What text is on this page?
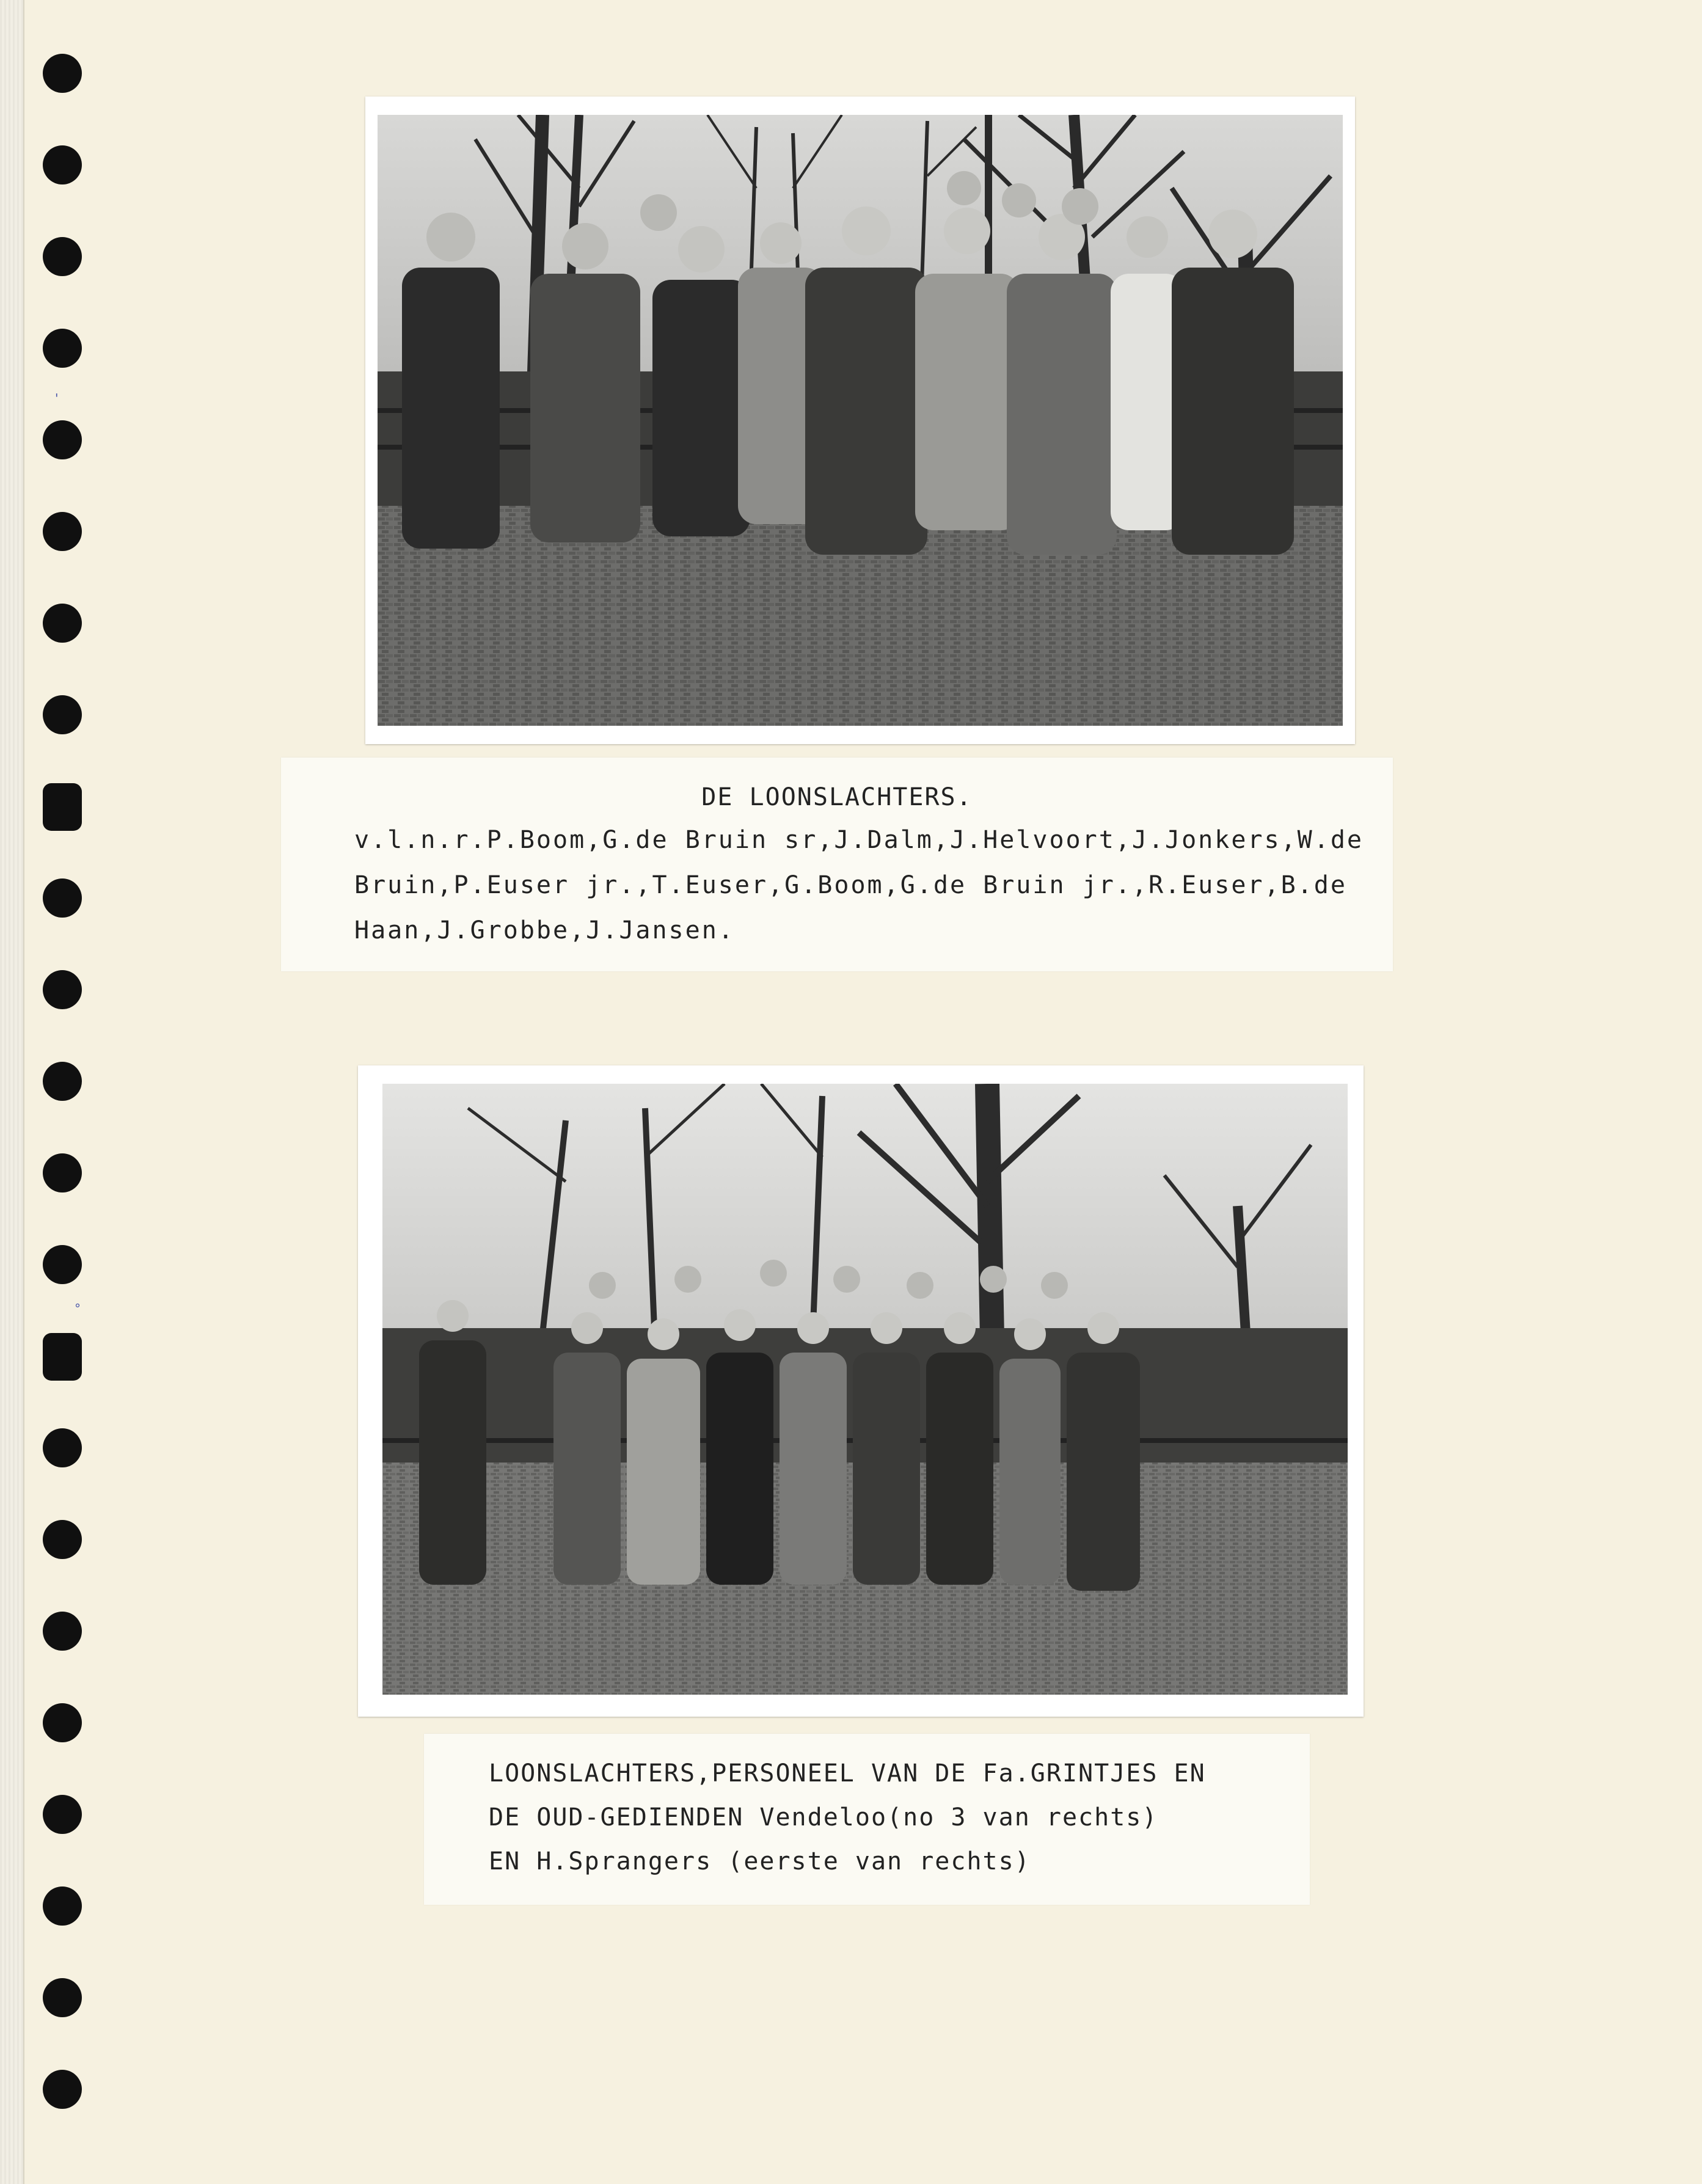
'
°
DE LOONSLACHTERS.
v.l.n.r.P.Boom,G.de Bruin sr,J.Dalm,J.Helvoort,J.Jonkers,W.de
Bruin,P.Euser jr.,T.Euser,G.Boom,G.de Bruin jr.,R.Euser,B.de
Haan,J.Grobbe,J.Jansen.
LOONSLACHTERS,PERSONEEL VAN DE Fa.GRINTJES EN
DE OUD-GEDIENDEN Vendeloo(no 3 van rechts)
EN H.Sprangers (eerste van rechts)
